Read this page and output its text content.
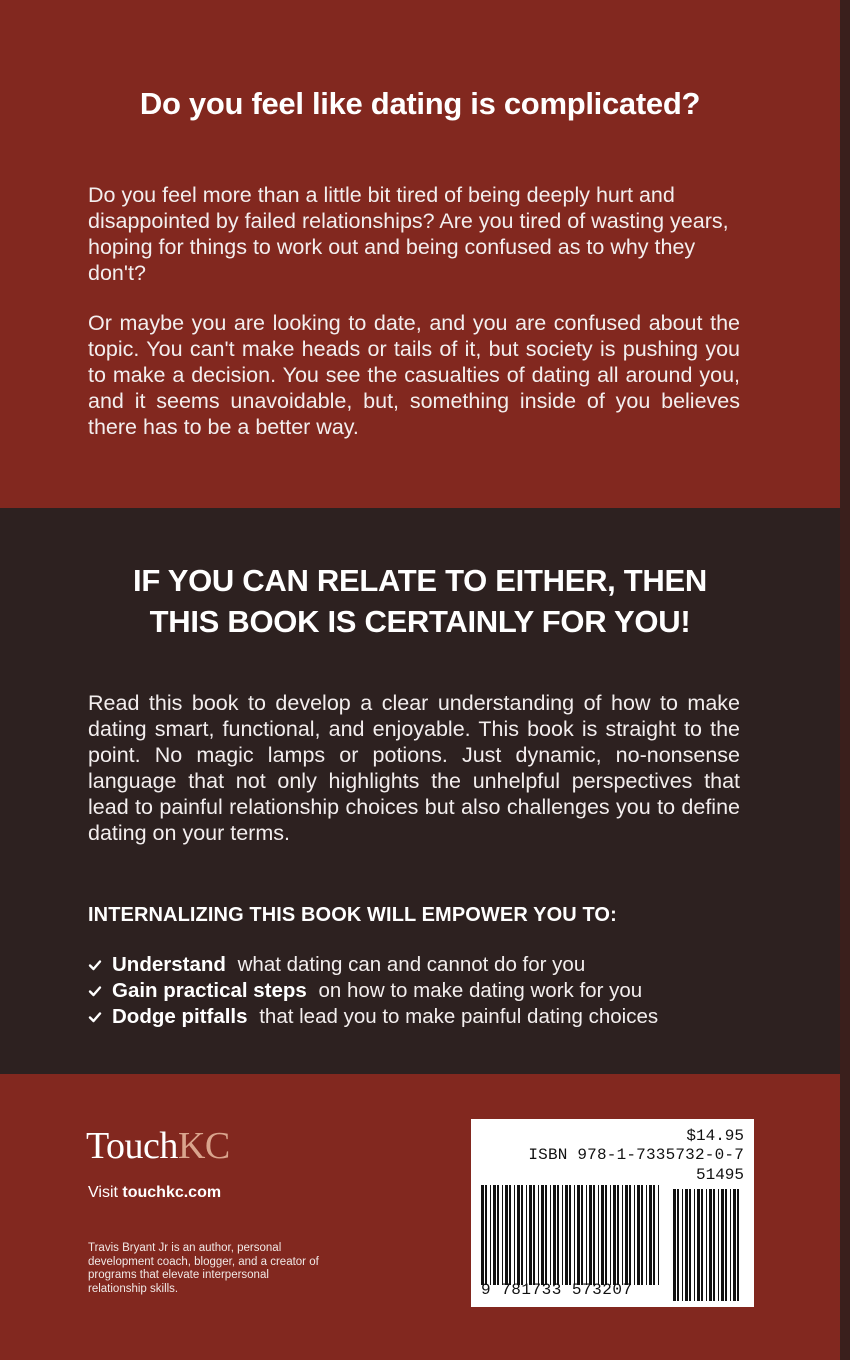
Do you feel like dating is complicated?

Do you feel more than a little bit tired of being deeply hurt and disappointed by failed relationships? Are you tired of wasting years, hoping for things to work out and being confused as to why they don't?

Or maybe you are looking to date, and you are confused about the topic. You can't make heads or tails of it, but society is pushing you to make a decision. You see the casualties of dating all around you, and it seems unavoidable, but, something inside of you believes there has to be a better way.

IF YOU CAN RELATE TO EITHER, THEN
THIS BOOK IS CERTAINLY FOR YOU!

Read this book to develop a clear understanding of how to make dating smart, functional, and enjoyable. This book is straight to the point. No magic lamps or potions. Just dynamic, no-nonsense language that not only highlights the unhelpful perspectives that lead to painful relationship choices but also challenges you to define dating on your terms.

INTERNALIZING THIS BOOK WILL EMPOWER YOU TO:
Understand what dating can and cannot do for you
Gain practical steps on how to make dating work for you
Dodge pitfalls that lead you to make painful dating choices
TouchKC
Visit touchkc.com
Travis Bryant Jr is an author, personal development coach, blogger, and a creator of programs that elevate interpersonal relationship skills.
$14.95
ISBN 978-1-7335732-0-7
51495
9 781733 573207
